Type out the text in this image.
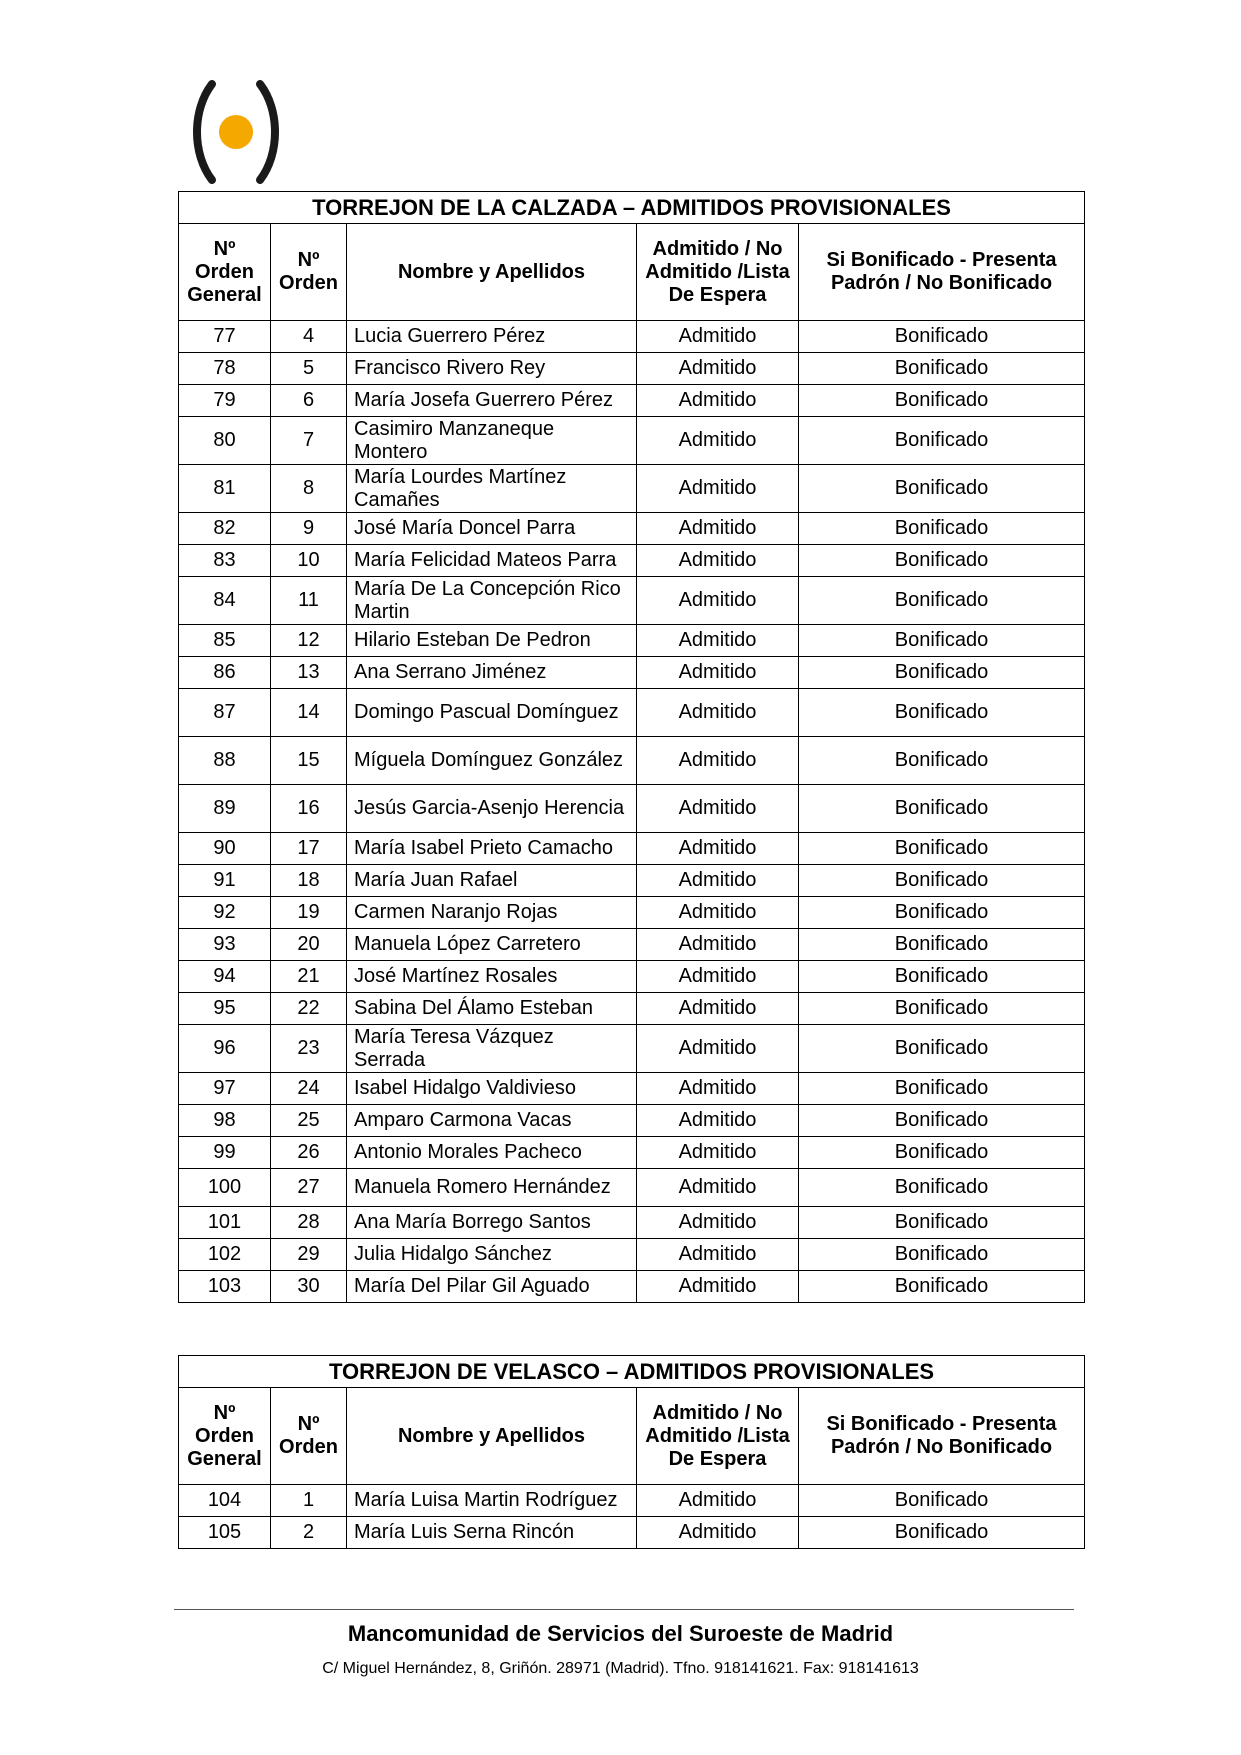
TORREJON DE LA CALZADA – ADMITIDOS PROVISIONALES				
Nº Orden General	Nº Orden	Nombre y Apellidos	Admitido / No Admitido /Lista De Espera	Si Bonificado - Presenta Padrón / No Bonificado
77	4	Lucia Guerrero Pérez	Admitido	Bonificado
78	5	Francisco Rivero Rey	Admitido	Bonificado
79	6	María Josefa Guerrero Pérez	Admitido	Bonificado
80	7	Casimiro Manzaneque Montero	Admitido	Bonificado
81	8	María Lourdes Martínez Camañes	Admitido	Bonificado
82	9	José María Doncel Parra	Admitido	Bonificado
83	10	María Felicidad Mateos Parra	Admitido	Bonificado
84	11	María De La Concepción Rico Martin	Admitido	Bonificado
85	12	Hilario Esteban De Pedron	Admitido	Bonificado
86	13	Ana Serrano Jiménez	Admitido	Bonificado
87	14	Domingo Pascual Domínguez	Admitido	Bonificado
88	15	Míguela Domínguez González	Admitido	Bonificado
89	16	Jesús Garcia-Asenjo Herencia	Admitido	Bonificado
90	17	María Isabel Prieto Camacho	Admitido	Bonificado
91	18	María Juan Rafael	Admitido	Bonificado
92	19	Carmen Naranjo Rojas	Admitido	Bonificado
93	20	Manuela López Carretero	Admitido	Bonificado
94	21	José Martínez Rosales	Admitido	Bonificado
95	22	Sabina Del Álamo Esteban	Admitido	Bonificado
96	23	María Teresa Vázquez Serrada	Admitido	Bonificado
97	24	Isabel Hidalgo Valdivieso	Admitido	Bonificado
98	25	Amparo Carmona Vacas	Admitido	Bonificado
99	26	Antonio Morales Pacheco	Admitido	Bonificado
100	27	Manuela Romero Hernández	Admitido	Bonificado
101	28	Ana María Borrego Santos	Admitido	Bonificado
102	29	Julia Hidalgo Sánchez	Admitido	Bonificado
103	30	María Del Pilar Gil Aguado	Admitido	Bonificado
TORREJON DE VELASCO – ADMITIDOS PROVISIONALES				
Nº Orden General	Nº Orden	Nombre y Apellidos	Admitido / No Admitido /Lista De Espera	Si Bonificado - Presenta Padrón / No Bonificado
104	1	María Luisa Martin Rodríguez	Admitido	Bonificado
105	2	María Luis Serna Rincón	Admitido	Bonificado
Mancomunidad de Servicios del Suroeste de Madrid
C/ Miguel Hernández, 8, Griñón. 28971 (Madrid). Tfno. 918141621. Fax: 918141613
